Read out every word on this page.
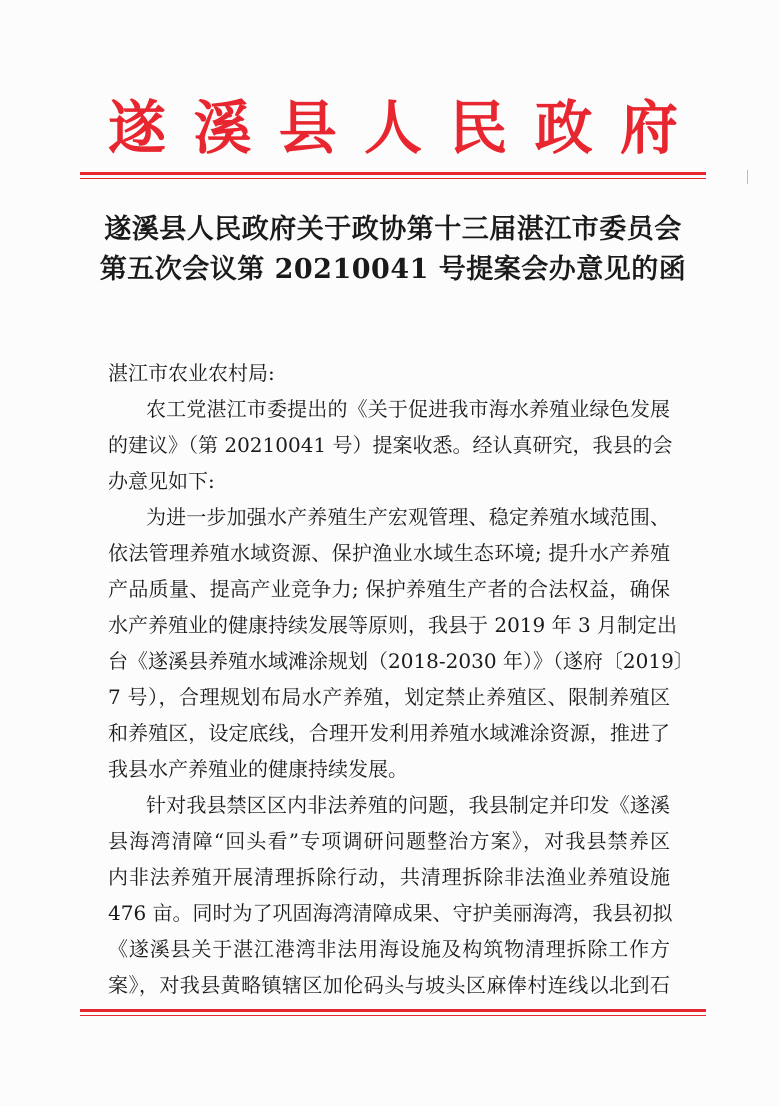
遂 溪 县 人 民 政 府
遂溪县人民政府关于政协第十三届湛江市委员会
第五次会议第 20210041 号提案会办意见的函
湛江市农业农村局:
农工党湛江市委提出的《关于促进我市海水养殖业绿色发展
的建议》（第 20210041 号）提案收悉。经认真研究，我县的会
办意见如下:
为进一步加强水产养殖生产宏观管理、稳定养殖水域范围、
依法管理养殖水域资源、保护渔业水域生态环境; 提升水产养殖
产品质量、提高产业竞争力; 保护养殖生产者的合法权益，确保
水产养殖业的健康持续发展等原则，我县于 2019 年 3 月制定出
台《遂溪县养殖水域滩涂规划（2018-2030 年）》（遂府〔2019〕
7 号），合理规划布局水产养殖，划定禁止养殖区、限制养殖区
和养殖区，设定底线，合理开发利用养殖水域滩涂资源，推进了
我县水产养殖业的健康持续发展。
针对我县禁区区内非法养殖的问题，我县制定并印发《遂溪
县海湾清障“回头看”专项调研问题整治方案》，对我县禁养区
内非法养殖开展清理拆除行动，共清理拆除非法渔业养殖设施
476 亩。同时为了巩固海湾清障成果、守护美丽海湾，我县初拟
《遂溪县关于湛江港湾非法用海设施及构筑物清理拆除工作方
案》，对我县黄略镇辖区加伦码头与坡头区麻俸村连线以北到石
